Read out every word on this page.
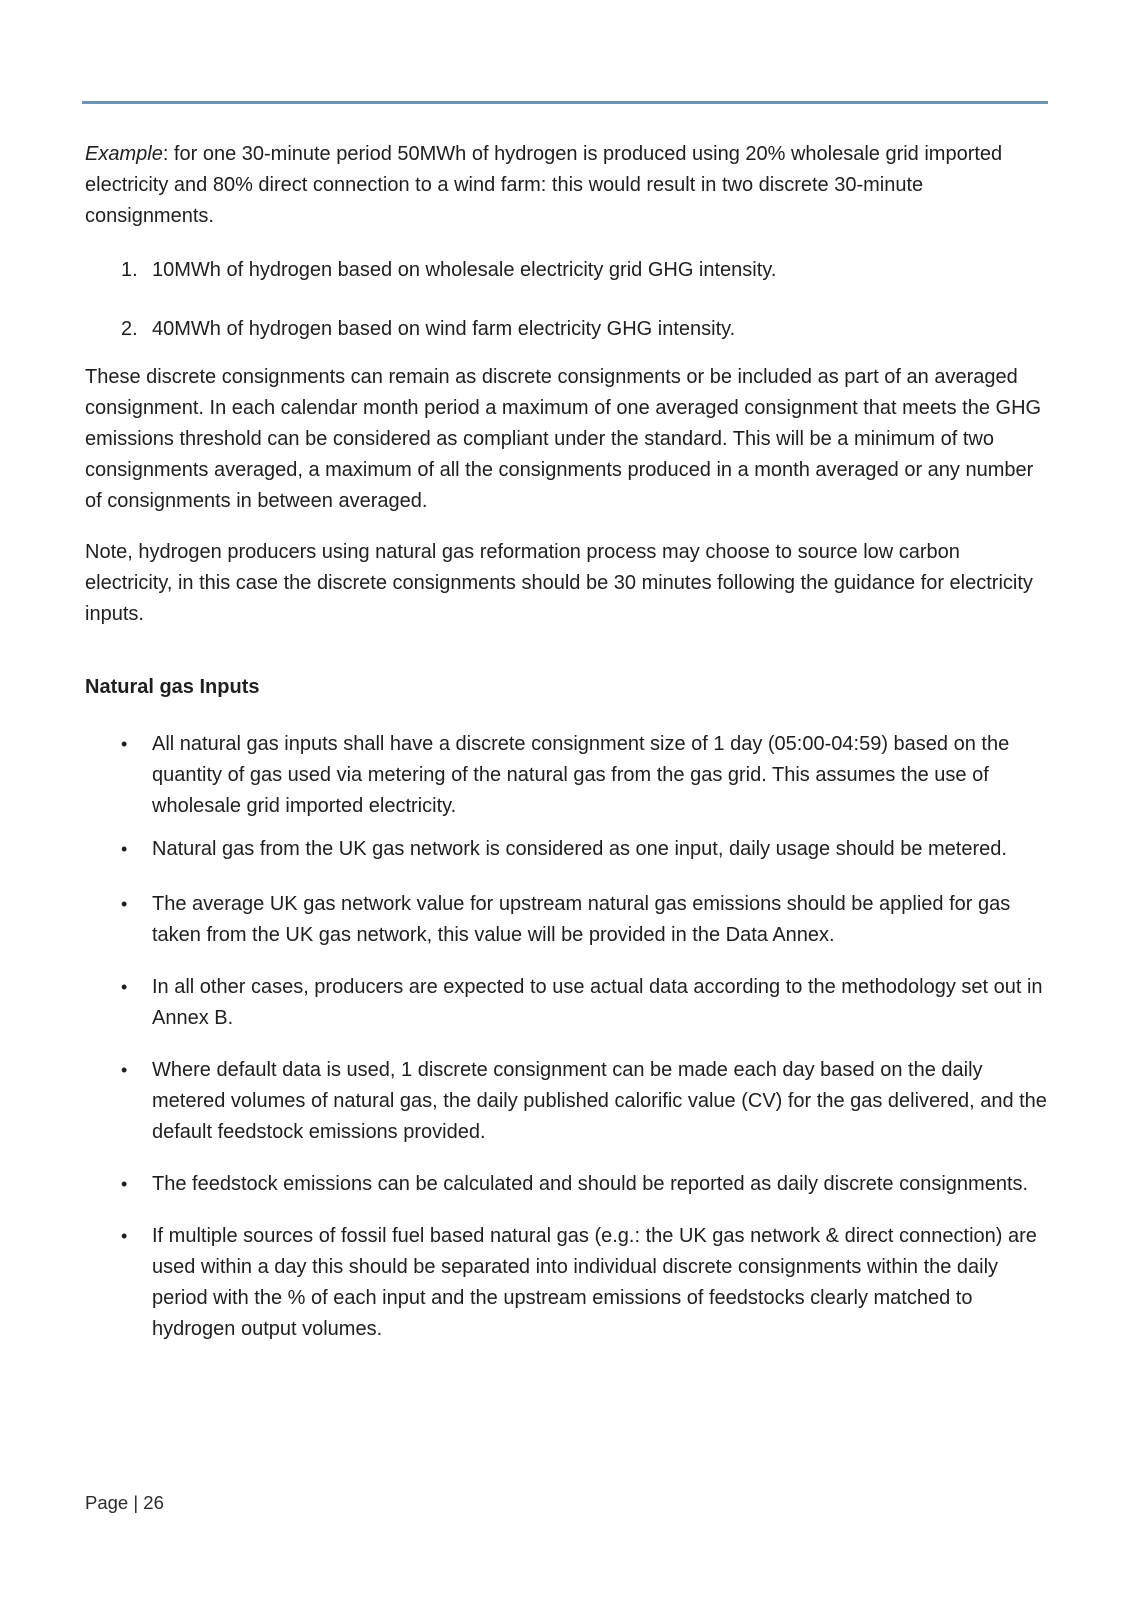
Example: for one 30-minute period 50MWh of hydrogen is produced using 20% wholesale grid imported electricity and 80% direct connection to a wind farm: this would result in two discrete 30-minute consignments.

1. 10MWh of hydrogen based on wholesale electricity grid GHG intensity.
2. 40MWh of hydrogen based on wind farm electricity GHG intensity.

These discrete consignments can remain as discrete consignments or be included as part of an averaged consignment. In each calendar month period a maximum of one averaged consignment that meets the GHG emissions threshold can be considered as compliant under the standard. This will be a minimum of two consignments averaged, a maximum of all the consignments produced in a month averaged or any number of consignments in between averaged.

Note, hydrogen producers using natural gas reformation process may choose to source low carbon electricity, in this case the discrete consignments should be 30 minutes following the guidance for electricity inputs.

Natural gas Inputs
•	All natural gas inputs shall have a discrete consignment size of 1 day (05:00-04:59) based on the quantity of gas used via metering of the natural gas from the gas grid. This assumes the use of wholesale grid imported electricity.
•	Natural gas from the UK gas network is considered as one input, daily usage should be metered.
•	The average UK gas network value for upstream natural gas emissions should be applied for gas taken from the UK gas network, this value will be provided in the Data Annex.
•	In all other cases, producers are expected to use actual data according to the methodology set out in Annex B.
•	Where default data is used, 1 discrete consignment can be made each day based on the daily metered volumes of natural gas, the daily published calorific value (CV) for the gas delivered, and the default feedstock emissions provided.
•	The feedstock emissions can be calculated and should be reported as daily discrete consignments.
•	If multiple sources of fossil fuel based natural gas (e.g.: the UK gas network & direct connection) are used within a day this should be separated into individual discrete consignments within the daily period with the % of each input and the upstream emissions of feedstocks clearly matched to hydrogen output volumes.
Page | 26
